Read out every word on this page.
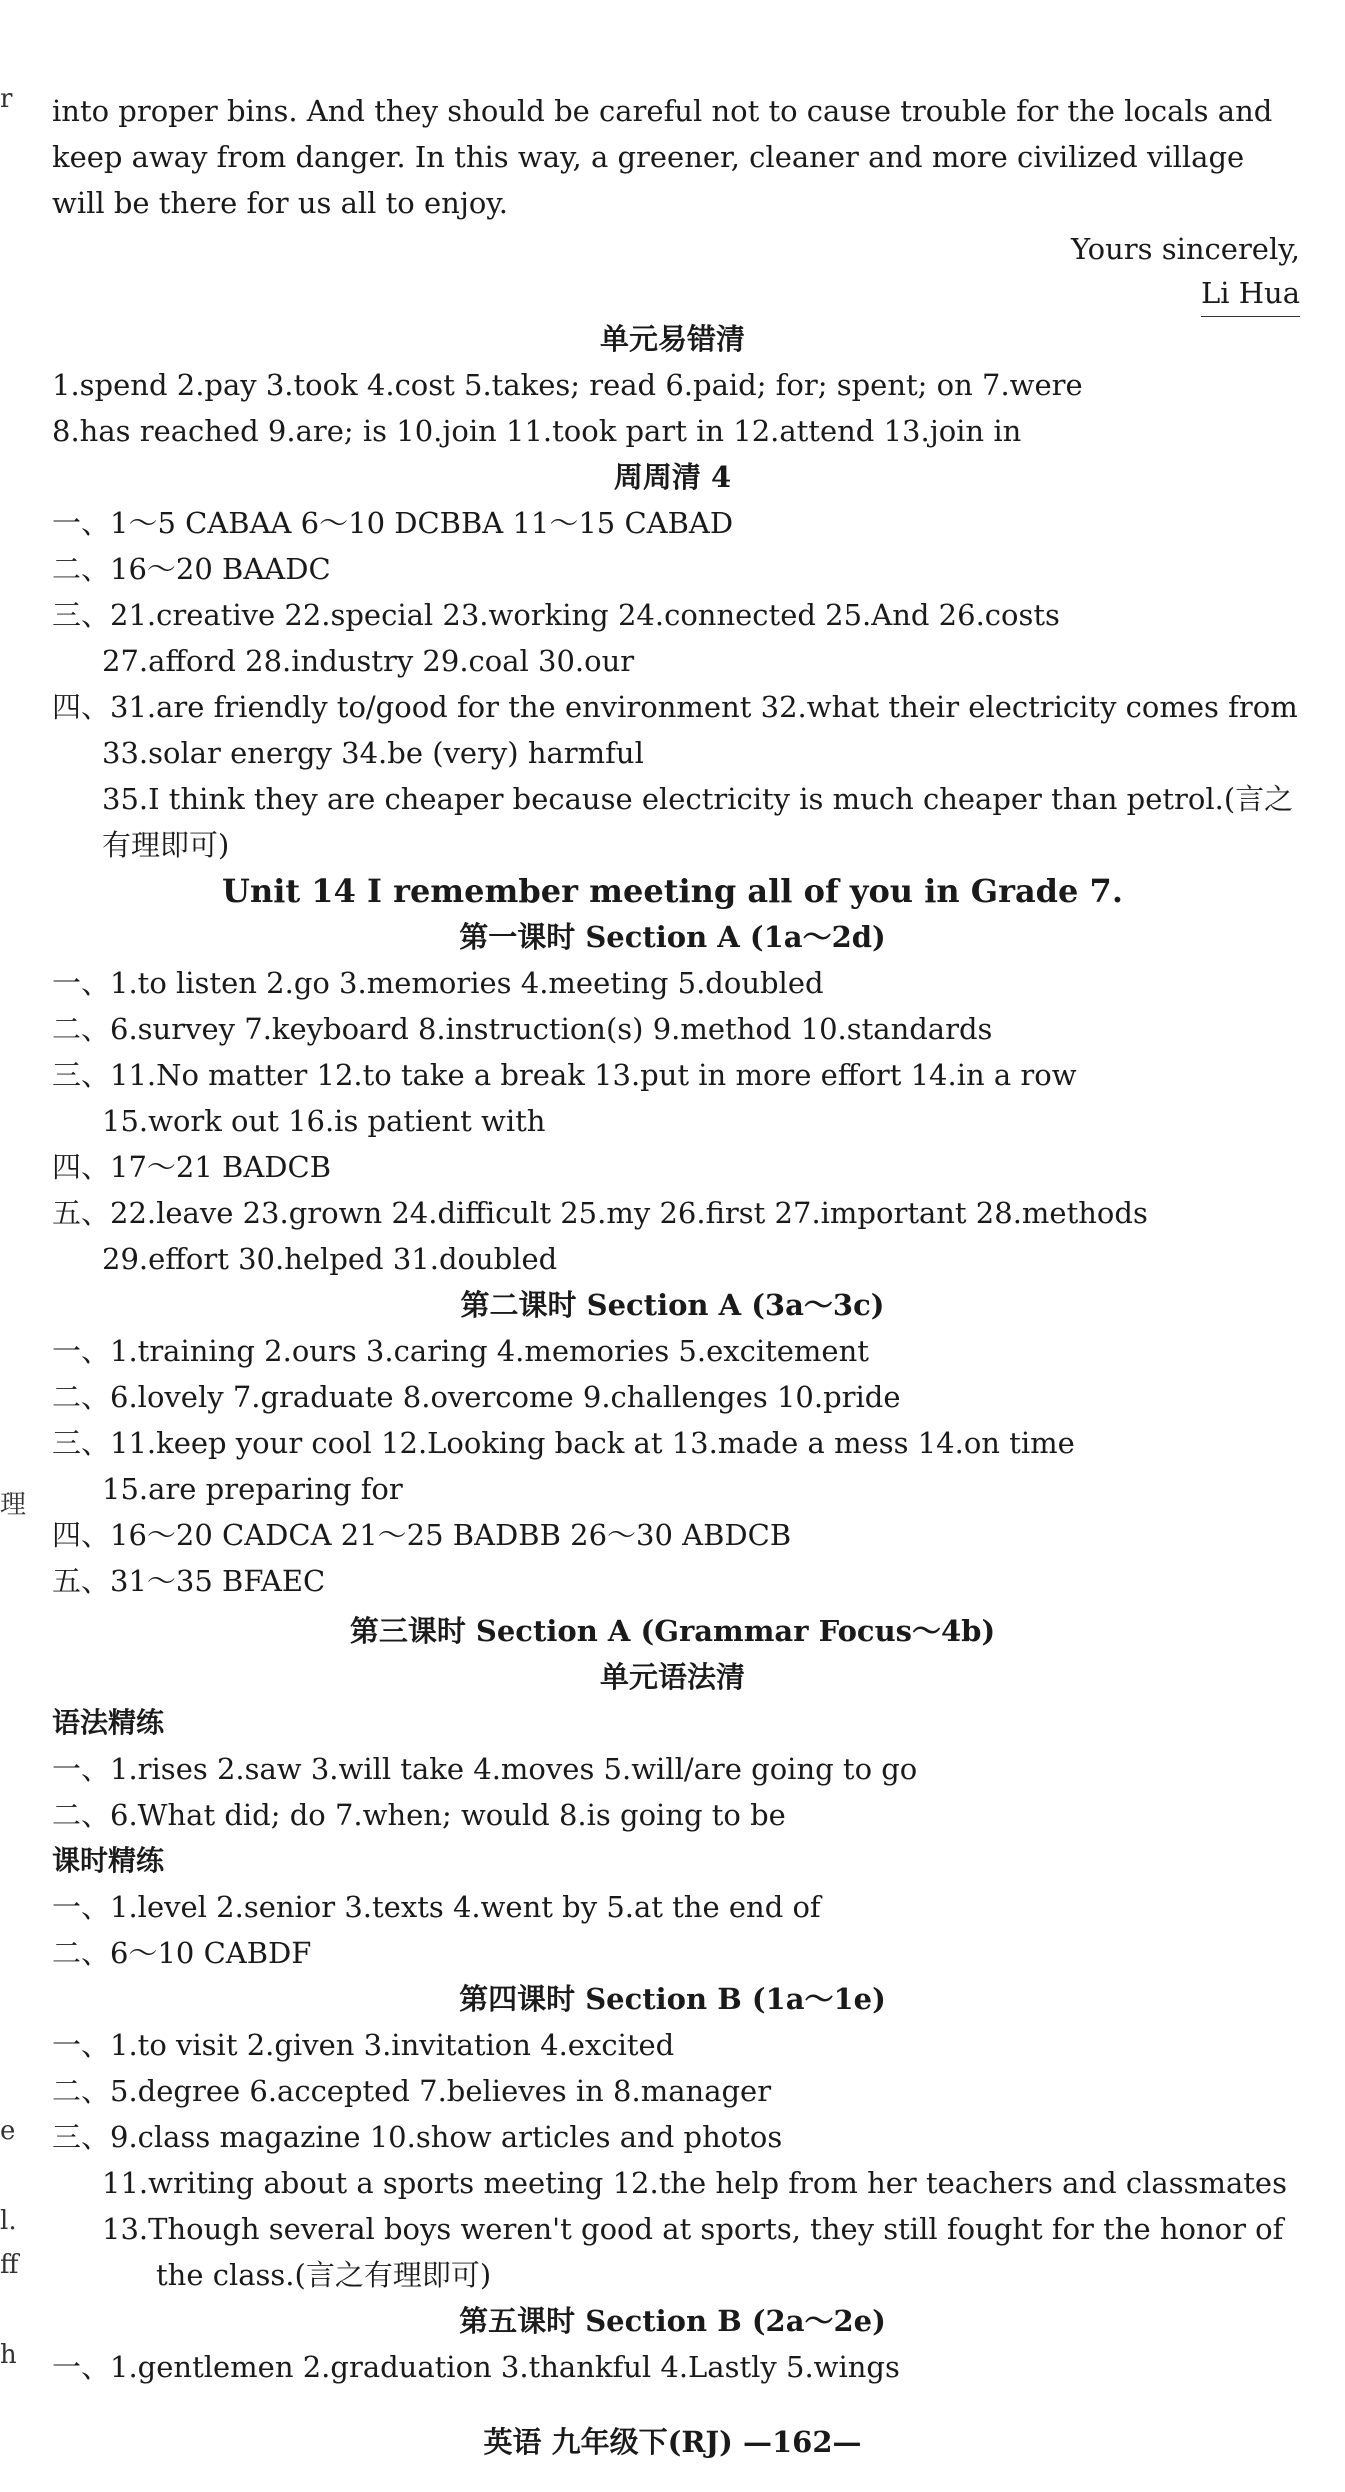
r
理
e
l.
ff
h
into proper bins. And they should be careful not to cause trouble for the locals and
keep away from danger. In this way, a greener, cleaner and more civilized village
will be there for us all to enjoy.
Yours sincerely,
Li Hua
单元易错清
1.spend 2.pay 3.took 4.cost 5.takes; read 6.paid; for; spent; on 7.were
8.has reached 9.are; is 10.join 11.took part in 12.attend 13.join in
周周清 4
一、1～5 CABAA 6～10 DCBBA 11～15 CABAD
二、16～20 BAADC
三、21.creative 22.special 23.working 24.connected 25.And 26.costs
27.afford 28.industry 29.coal 30.our
四、31.are friendly to/good for the environment 32.what their electricity comes from
33.solar energy 34.be (very) harmful
35.I think they are cheaper because electricity is much cheaper than petrol.(言之
有理即可)
Unit 14 I remember meeting all of you in Grade 7.
第一课时 Section A (1a～2d)
一、1.to listen 2.go 3.memories 4.meeting 5.doubled
二、6.survey 7.keyboard 8.instruction(s) 9.method 10.standards
三、11.No matter 12.to take a break 13.put in more effort 14.in a row
15.work out 16.is patient with
四、17～21 BADCB
五、22.leave 23.grown 24.difficult 25.my 26.first 27.important 28.methods
29.effort 30.helped 31.doubled
第二课时 Section A (3a～3c)
一、1.training 2.ours 3.caring 4.memories 5.excitement
二、6.lovely 7.graduate 8.overcome 9.challenges 10.pride
三、11.keep your cool 12.Looking back at 13.made a mess 14.on time
15.are preparing for
四、16～20 CADCA 21～25 BADBB 26～30 ABDCB
五、31～35 BFAEC
第三课时 Section A (Grammar Focus～4b)
单元语法清
语法精练
一、1.rises 2.saw 3.will take 4.moves 5.will/are going to go
二、6.What did; do 7.when; would 8.is going to be
课时精练
一、1.level 2.senior 3.texts 4.went by 5.at the end of
二、6～10 CABDF
第四课时 Section B (1a～1e)
一、1.to visit 2.given 3.invitation 4.excited
二、5.degree 6.accepted 7.believes in 8.manager
三、9.class magazine 10.show articles and photos
11.writing about a sports meeting 12.the help from her teachers and classmates
13.Though several boys weren't good at sports, they still fought for the honor of
the class.(言之有理即可)
第五课时 Section B (2a～2e)
一、1.gentlemen 2.graduation 3.thankful 4.Lastly 5.wings
英语 九年级下(RJ) —162—
